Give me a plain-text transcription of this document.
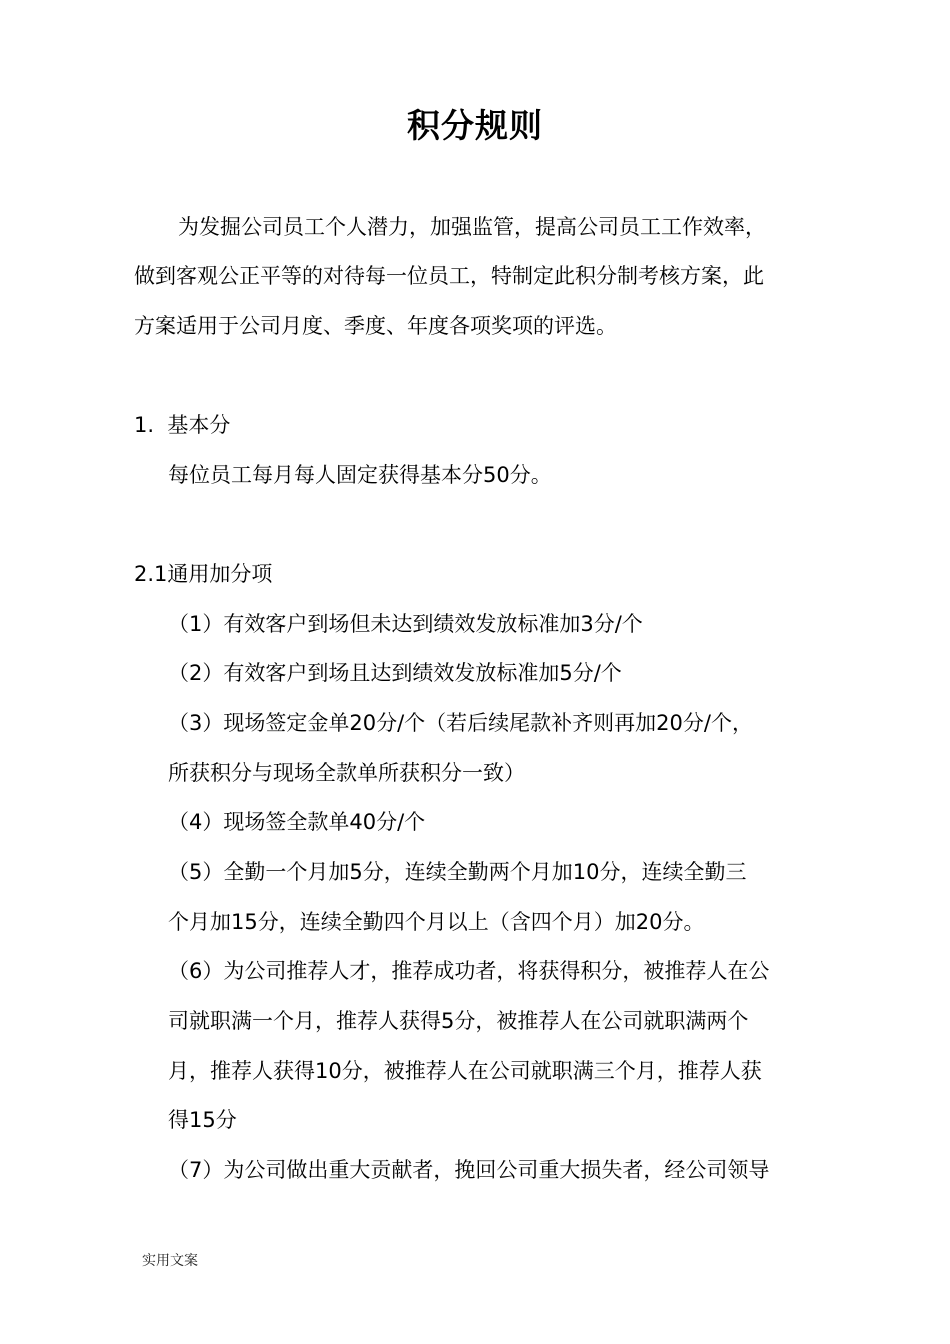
积分规则
为发掘公司员工个人潜力，加强监管，提高公司员工工作效率，
做到客观公正平等的对待每一位员工，特制定此积分制考核方案，此
方案适用于公司月度、季度、年度各项奖项的评选。
1.  基本分
每位员工每月每人固定获得基本分50分。
2.1通用加分项
（1）有效客户到场但未达到绩效发放标准加3分/个
（2）有效客户到场且达到绩效发放标准加5分/个
（3）现场签定金单20分/个（若后续尾款补齐则再加20分/个，
所获积分与现场全款单所获积分一致）
（4）现场签全款单40分/个
（5）全勤一个月加5分，连续全勤两个月加10分，连续全勤三
个月加15分，连续全勤四个月以上（含四个月）加20分。
（6）为公司推荐人才，推荐成功者，将获得积分，被推荐人在公
司就职满一个月，推荐人获得5分，被推荐人在公司就职满两个
月，推荐人获得10分，被推荐人在公司就职满三个月，推荐人获
得15分
（7）为公司做出重大贡献者，挽回公司重大损失者，经公司领导
实用文案
